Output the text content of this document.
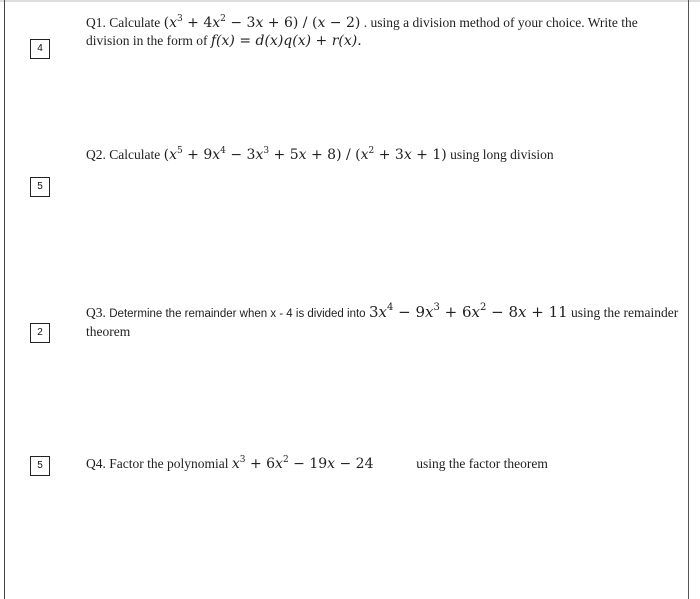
4
Q1. Calculate $(x^3 + 4x^2 - 3x + 6) / (x - 2)$ . using a division method of your choice. Write the
division in the form of f(x) = d(x)q(x) + r(x).
5
Q2. Calculate $(x^5 + 9x^4 - 3x^3 + 5x + 8) / (x^2 + 3x + 1)$ using long division
2
Q3. Determine the remainder when x - 4 is divided into $3x^4 - 9x^3 + 6x^2 - 8x + 11$ using the remainder
theorem
5	Q4. Factor the polynomial $x^3 + 6x^2 - 19x - 24$	using the factor theorem
